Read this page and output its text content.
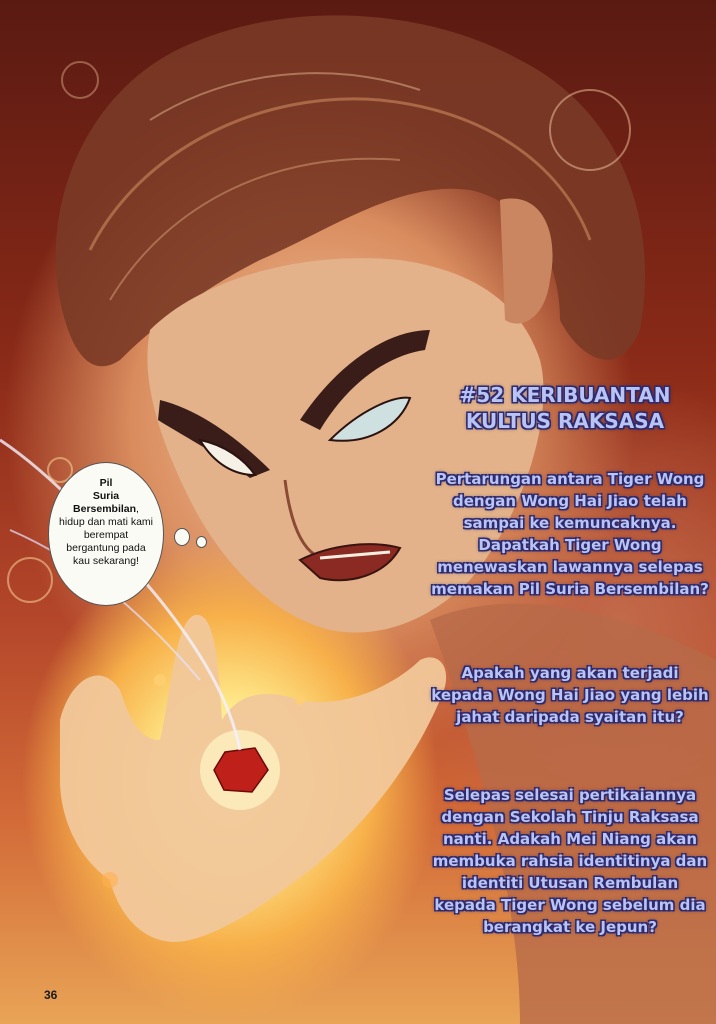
Pil
Suria
Bersembilan, hidup dan mati kami berempat bergantung pada kau sekarang!
#52 KERIBUANTAN
KULTUS RAKSASA
Pertarungan antara Tiger Wong dengan Wong Hai Jiao telah sampai ke kemuncaknya. Dapatkah Tiger Wong menewaskan lawannya selepas memakan Pil Suria Bersembilan?
Apakah yang akan terjadi kepada Wong Hai Jiao yang lebih jahat daripada syaitan itu?
Selepas selesai pertikaiannya dengan Sekolah Tinju Raksasa nanti. Adakah Mei Niang akan membuka rahsia identitinya dan identiti Utusan Rembulan kepada Tiger Wong sebelum dia berangkat ke Jepun?
36
